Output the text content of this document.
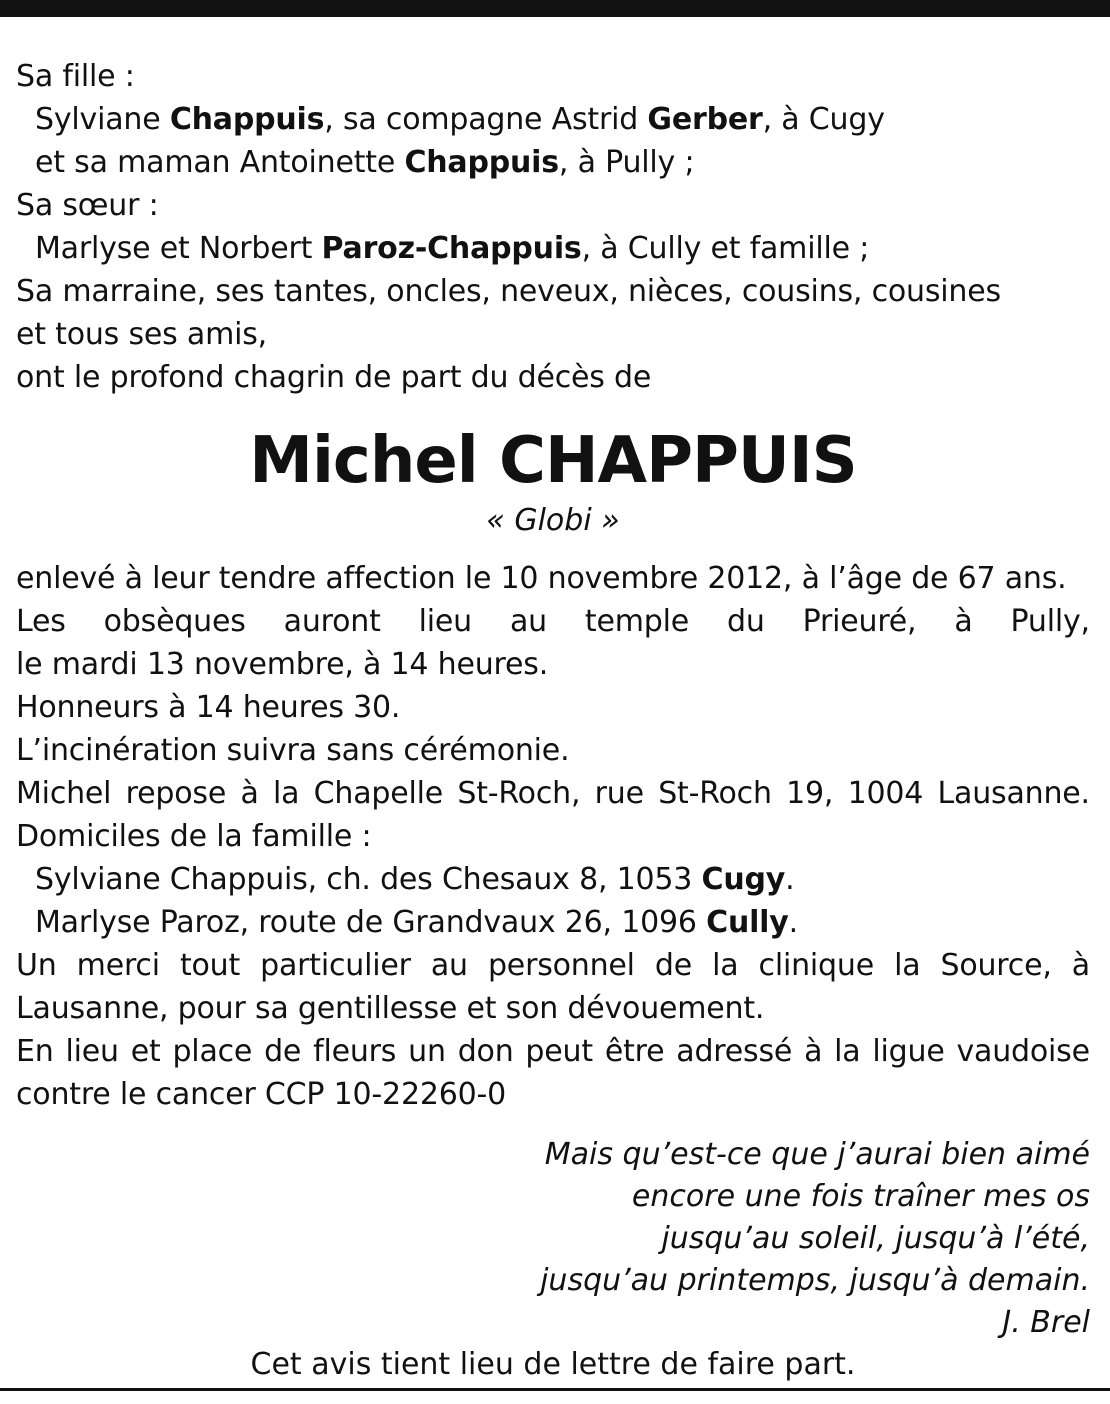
Sa fille :
Sylviane Chappuis, sa compagne Astrid Gerber, à Cugy
et sa maman Antoinette Chappuis, à Pully ;
Sa sœur :
Marlyse et Norbert Paroz-Chappuis, à Cully et famille ;
Sa marraine, ses tantes, oncles, neveux, nièces, cousins, cousines
et tous ses amis,
ont le profond chagrin de part du décès de
Michel CHAPPUIS
« Globi »
enlevé à leur tendre affection le 10 novembre 2012, à l’âge de 67 ans.
Les obsèques auront lieu au temple du Prieuré, à Pully,
le mardi 13 novembre, à 14 heures.
Honneurs à 14 heures 30.
L’incinération suivra sans cérémonie.
Michel repose à la Chapelle St-Roch, rue St-Roch 19, 1004 Lausanne.
Domiciles de la famille :
Sylviane Chappuis, ch. des Chesaux 8, 1053 Cugy.
Marlyse Paroz, route de Grandvaux 26, 1096 Cully.
Un merci tout particulier au personnel de la clinique la Source, à
Lausanne, pour sa gentillesse et son dévouement.
En lieu et place de fleurs un don peut être adressé à la ligue vaudoise
contre le cancer CCP 10-22260-0
Mais qu’est-ce que j’aurai bien aimé
encore une fois traîner mes os
jusqu’au soleil, jusqu’à l’été,
jusqu’au printemps, jusqu’à demain.
J. Brel
Cet avis tient lieu de lettre de faire part.
